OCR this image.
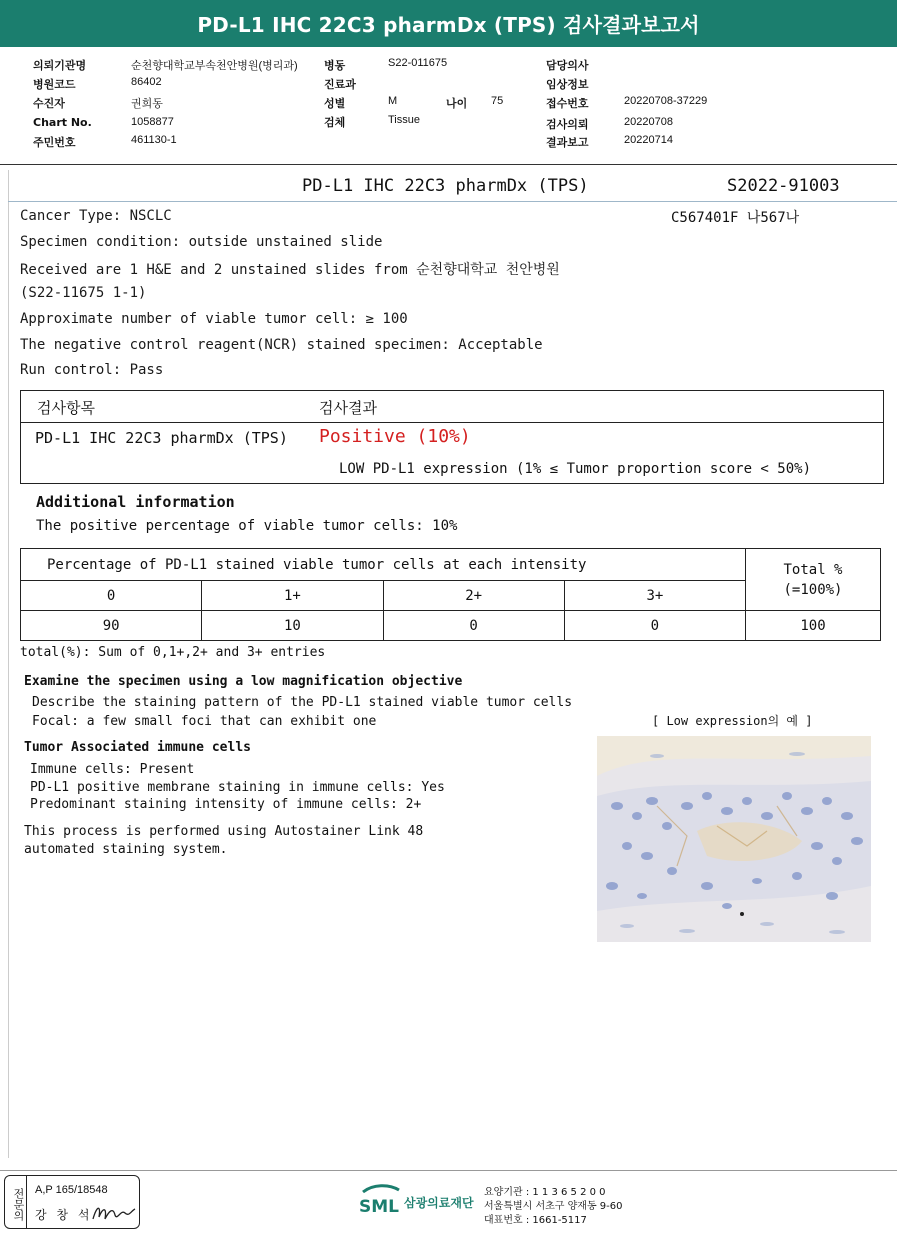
PD-L1 IHC 22C3 pharmDx (TPS) 검사결과보고서
의뢰기관명	순천향대학교부속천안병원(병리과)
병원코드	86402
수진자	권희동
Chart No.	1058877
주민번호	461130-1
병동	S22-011675
진료과
성별	M	나이 75
검체	Tissue
담당의사
임상정보
접수번호	20220708-37229
검사의뢰	20220708
결과보고	20220714
PD-L1 IHC 22C3 pharmDx (TPS)	S2022-91003
C567401F 나567나
Cancer Type: NSCLC
Specimen condition: outside unstained slide
Received are 1 H&E and 2 unstained slides from 순천향대학교 천안병원
(S22-11675 1-1)
Approximate number of viable tumor cell: ≥ 100
The negative control reagent(NCR) stained specimen: Acceptable
Run control: Pass
검사항목	검사결과
PD-L1 IHC 22C3 pharmDx (TPS) Positive (10%)
LOW PD-L1 expression (1% ≤ Tumor proportion score < 50%)
Additional information
The positive percentage of viable tumor cells: 10%
Percentage of PD-L1 stained viable tumor cells at each intensity				Total %
(=100%)

0	1+	2+	3+	
90	10	0	0	100
total(%): Sum of 0,1+,2+ and 3+ entries
Examine the specimen using a low magnification objective
Describe the staining pattern of the PD-L1 stained viable tumor cells
Focal: a few small foci that can exhibit one	[ Low expression의 예 ]
Tumor Associated immune cells
Immune cells: Present
PD-L1 positive membrane staining in immune cells: Yes
Predominant staining intensity of immune cells: 2+
This process is performed using Autostainer Link 48
automated staining system.
전문의 A,P 165/18548
강 창 석	SML 삼광의료재단
요양기관 : 1 1 3 6 5 2 0 0
서울특별시 서초구 양재동 9-60
대표번호 : 1661-5117
